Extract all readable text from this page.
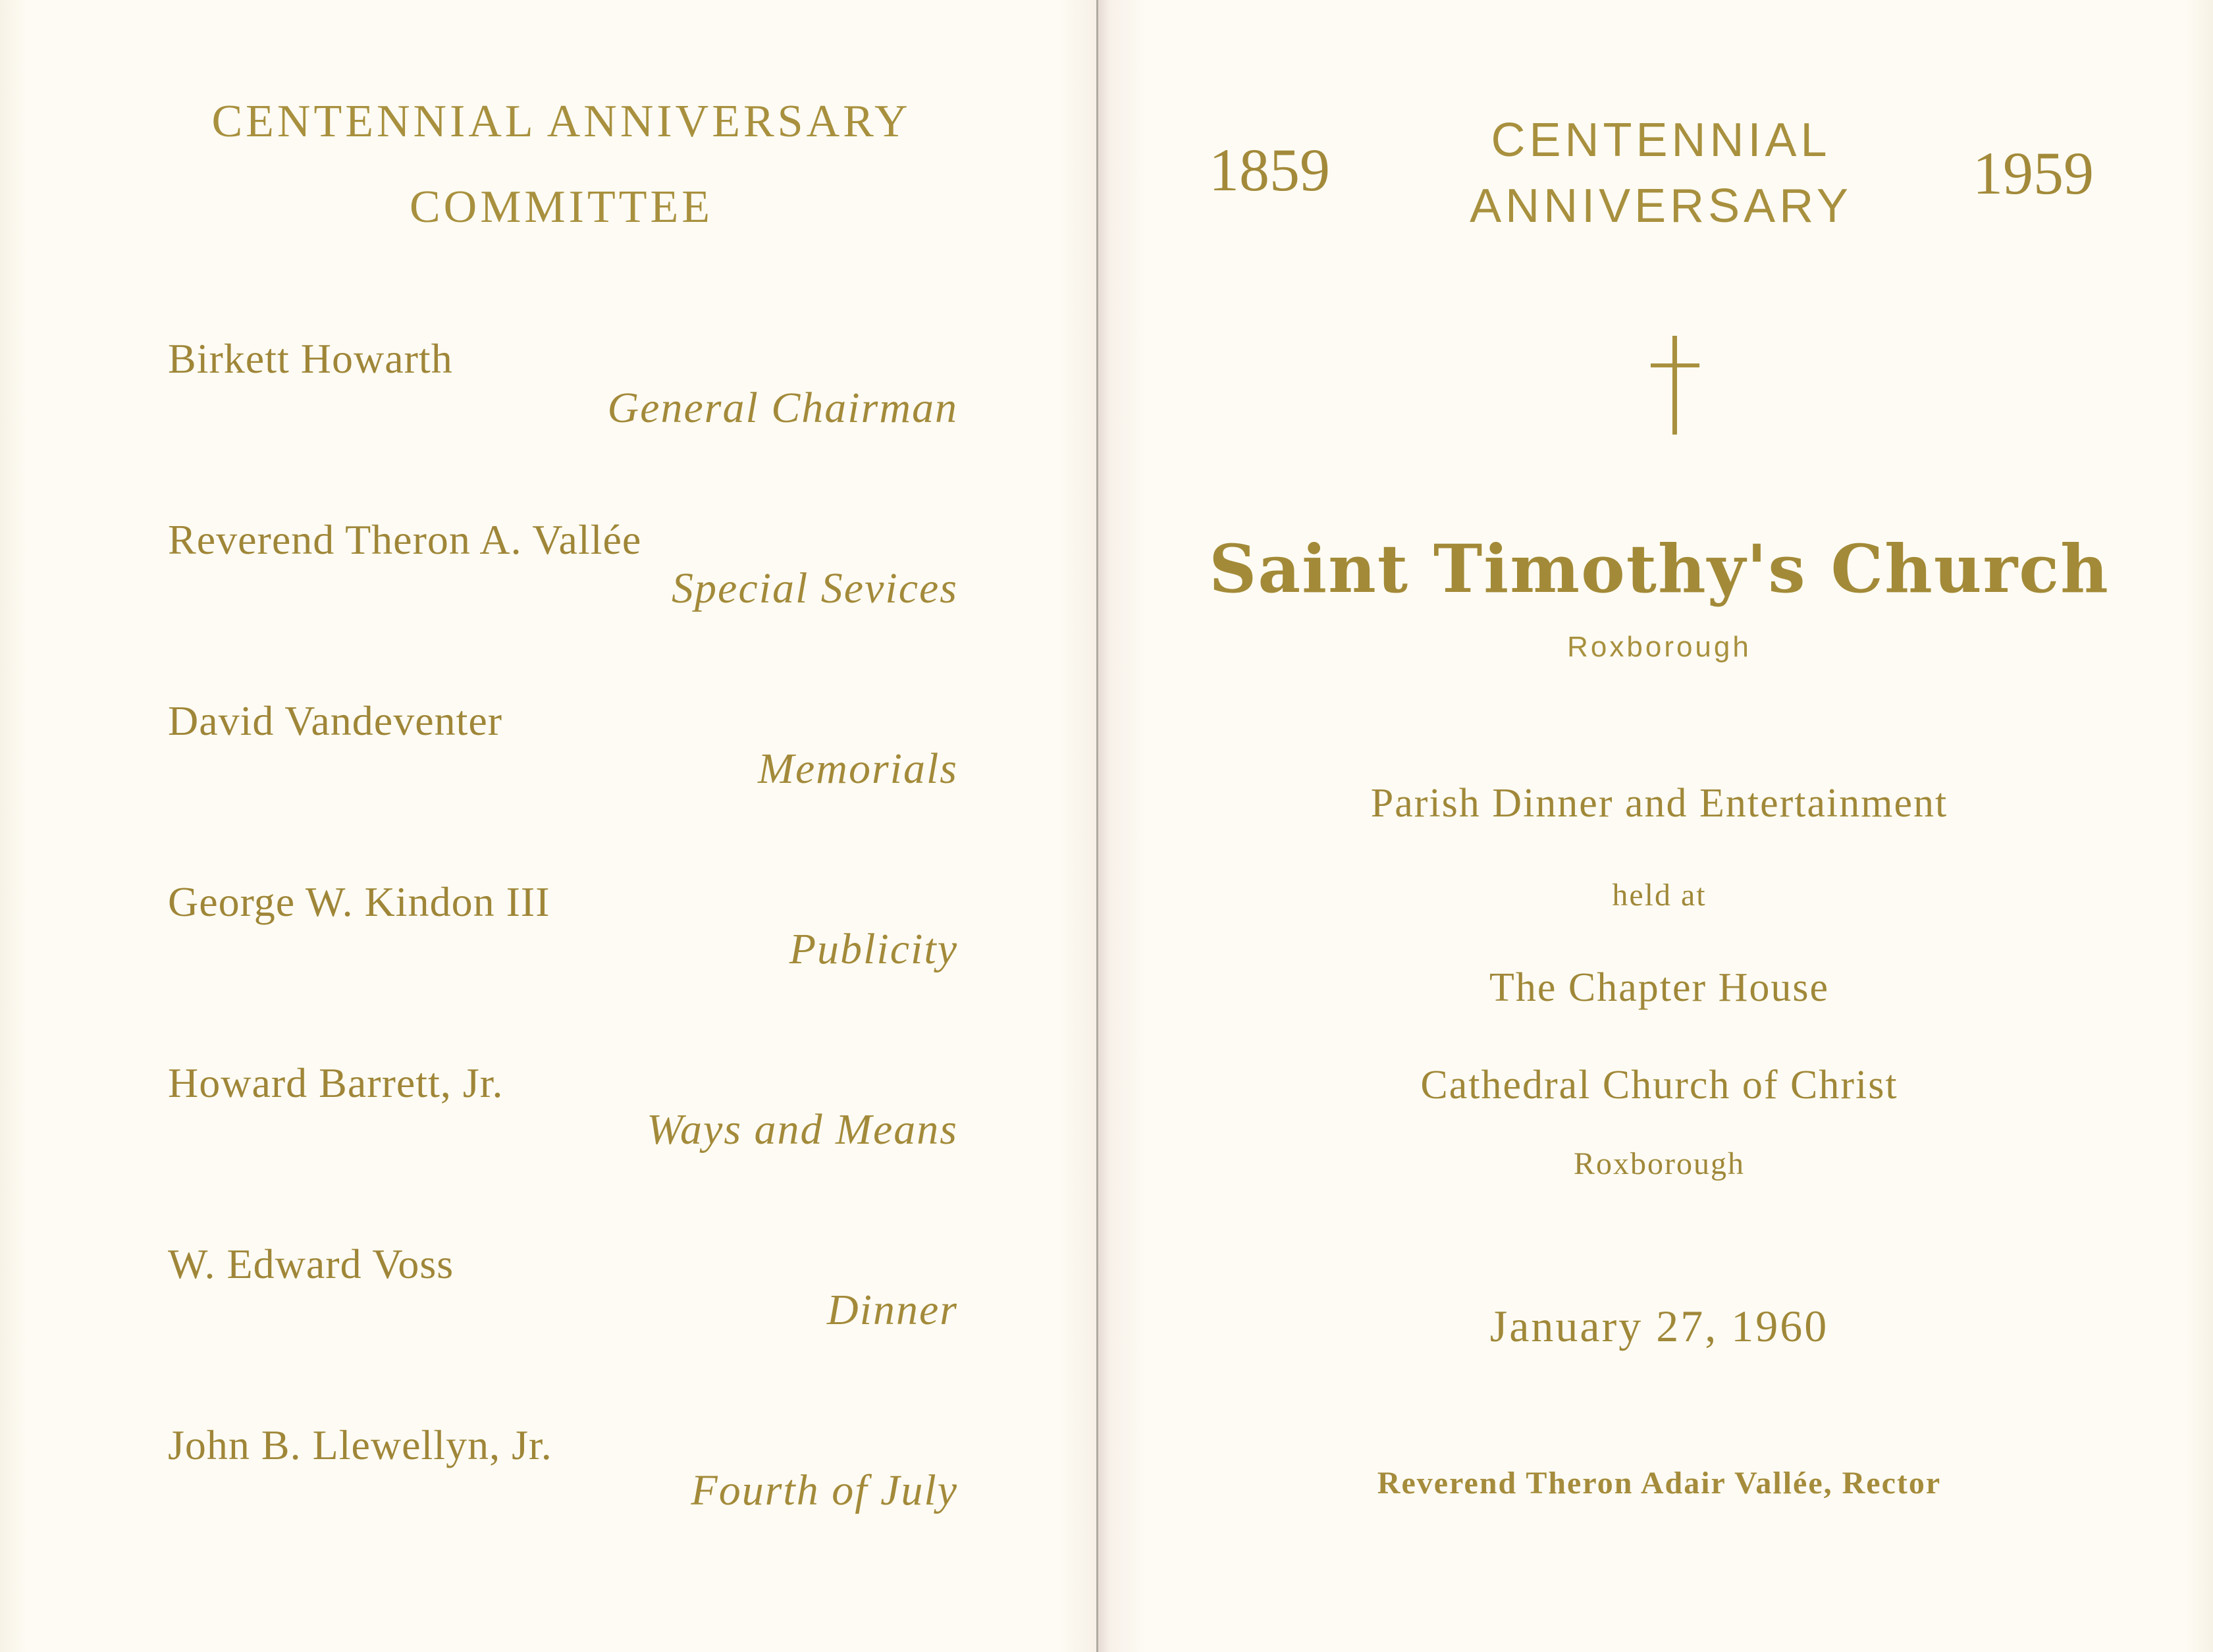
CENTENNIAL ANNIVERSARY
COMMITTEE
Birkett Howarth
Reverend Theron A. Vallée
David Vandeventer
George W. Kindon III
Howard Barrett, Jr.
W. Edward Voss
John B. Llewellyn, Jr.
General Chairman
Special Sevices
Memorials
Publicity
Ways and Means
Dinner
Fourth of July
1859	1959
CENTENNIAL
ANNIVERSARY
Saint Timothy's Church
Roxborough
Parish Dinner and Entertainment
held at
The Chapter House
Cathedral Church of Christ
Roxborough
January 27, 1960
Reverend Theron Adair Vallée, Rector
